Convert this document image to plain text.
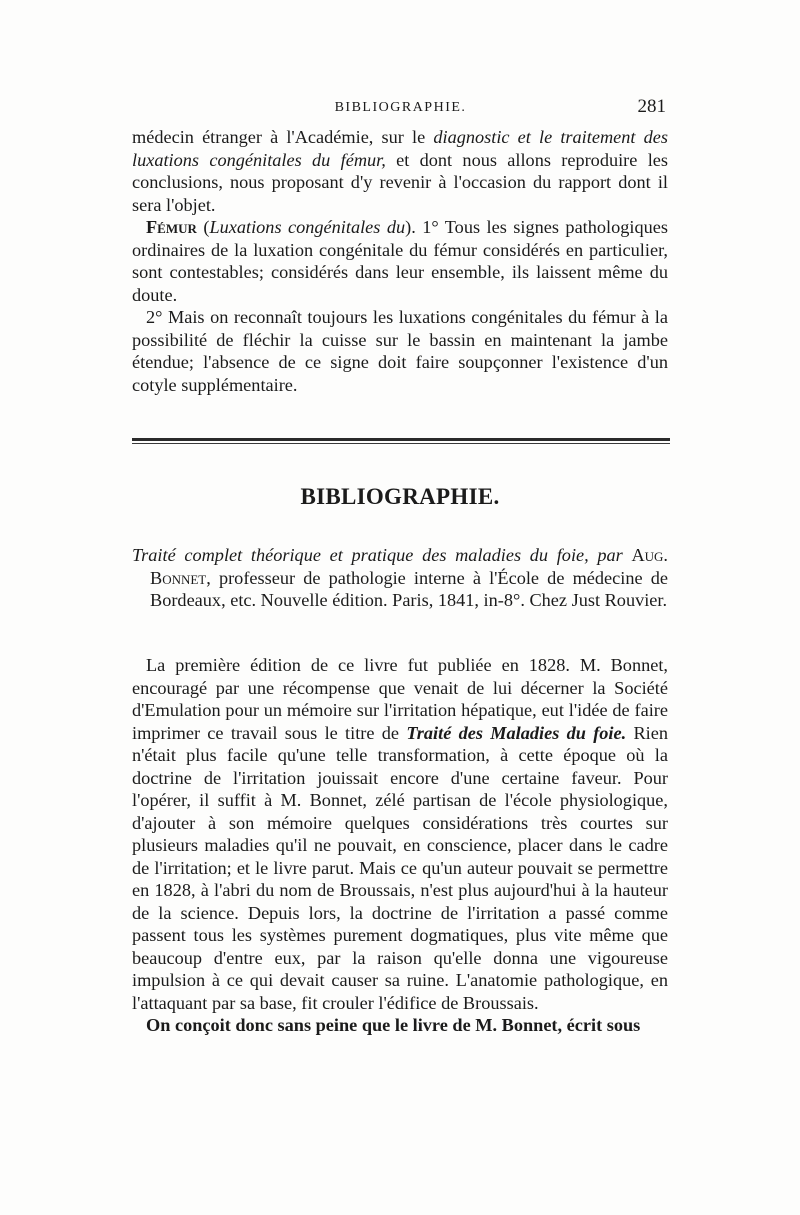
BIBLIOGRAPHIE.	281

médecin étranger à l'Académie, sur le diagnostic et le traitement des luxations congénitales du fémur, et dont nous allons reproduire les conclusions, nous proposant d'y revenir à l'occasion du rapport dont il sera l'objet.

Fémur (Luxations congénitales du). 1° Tous les signes pathologiques ordinaires de la luxation congénitale du fémur considérés en particulier, sont contestables; considérés dans leur ensemble, ils laissent même du doute.

2° Mais on reconnaît toujours les luxations congénitales du fémur à la possibilité de fléchir la cuisse sur le bassin en maintenant la jambe étendue; l'absence de ce signe doit faire soupçonner l'existence d'un cotyle supplémentaire.

BIBLIOGRAPHIE.

Traité complet théorique et pratique des maladies du foie, par Aug. Bonnet, professeur de pathologie interne à l'École de médecine de Bordeaux, etc. Nouvelle édition. Paris, 1841, in-8°. Chez Just Rouvier.

La première édition de ce livre fut publiée en 1828. M. Bonnet, encouragé par une récompense que venait de lui décerner la Société d'Emulation pour un mémoire sur l'irritation hépatique, eut l'idée de faire imprimer ce travail sous le titre de Traité des Maladies du foie. Rien n'était plus facile qu'une telle transformation, à cette époque où la doctrine de l'irritation jouissait encore d'une certaine faveur. Pour l'opérer, il suffit à M. Bonnet, zélé partisan de l'école physiologique, d'ajouter à son mémoire quelques considérations très courtes sur plusieurs maladies qu'il ne pouvait, en conscience, placer dans le cadre de l'irritation; et le livre parut. Mais ce qu'un auteur pouvait se permettre en 1828, à l'abri du nom de Broussais, n'est plus aujourd'hui à la hauteur de la science. Depuis lors, la doctrine de l'irritation a passé comme passent tous les systèmes purement dogmatiques, plus vite même que beaucoup d'entre eux, par la raison qu'elle donna une vigoureuse impulsion à ce qui devait causer sa ruine. L'anatomie pathologique, en l'attaquant par sa base, fit crouler l'édifice de Broussais.

On conçoit donc sans peine que le livre de M. Bonnet, écrit sous
